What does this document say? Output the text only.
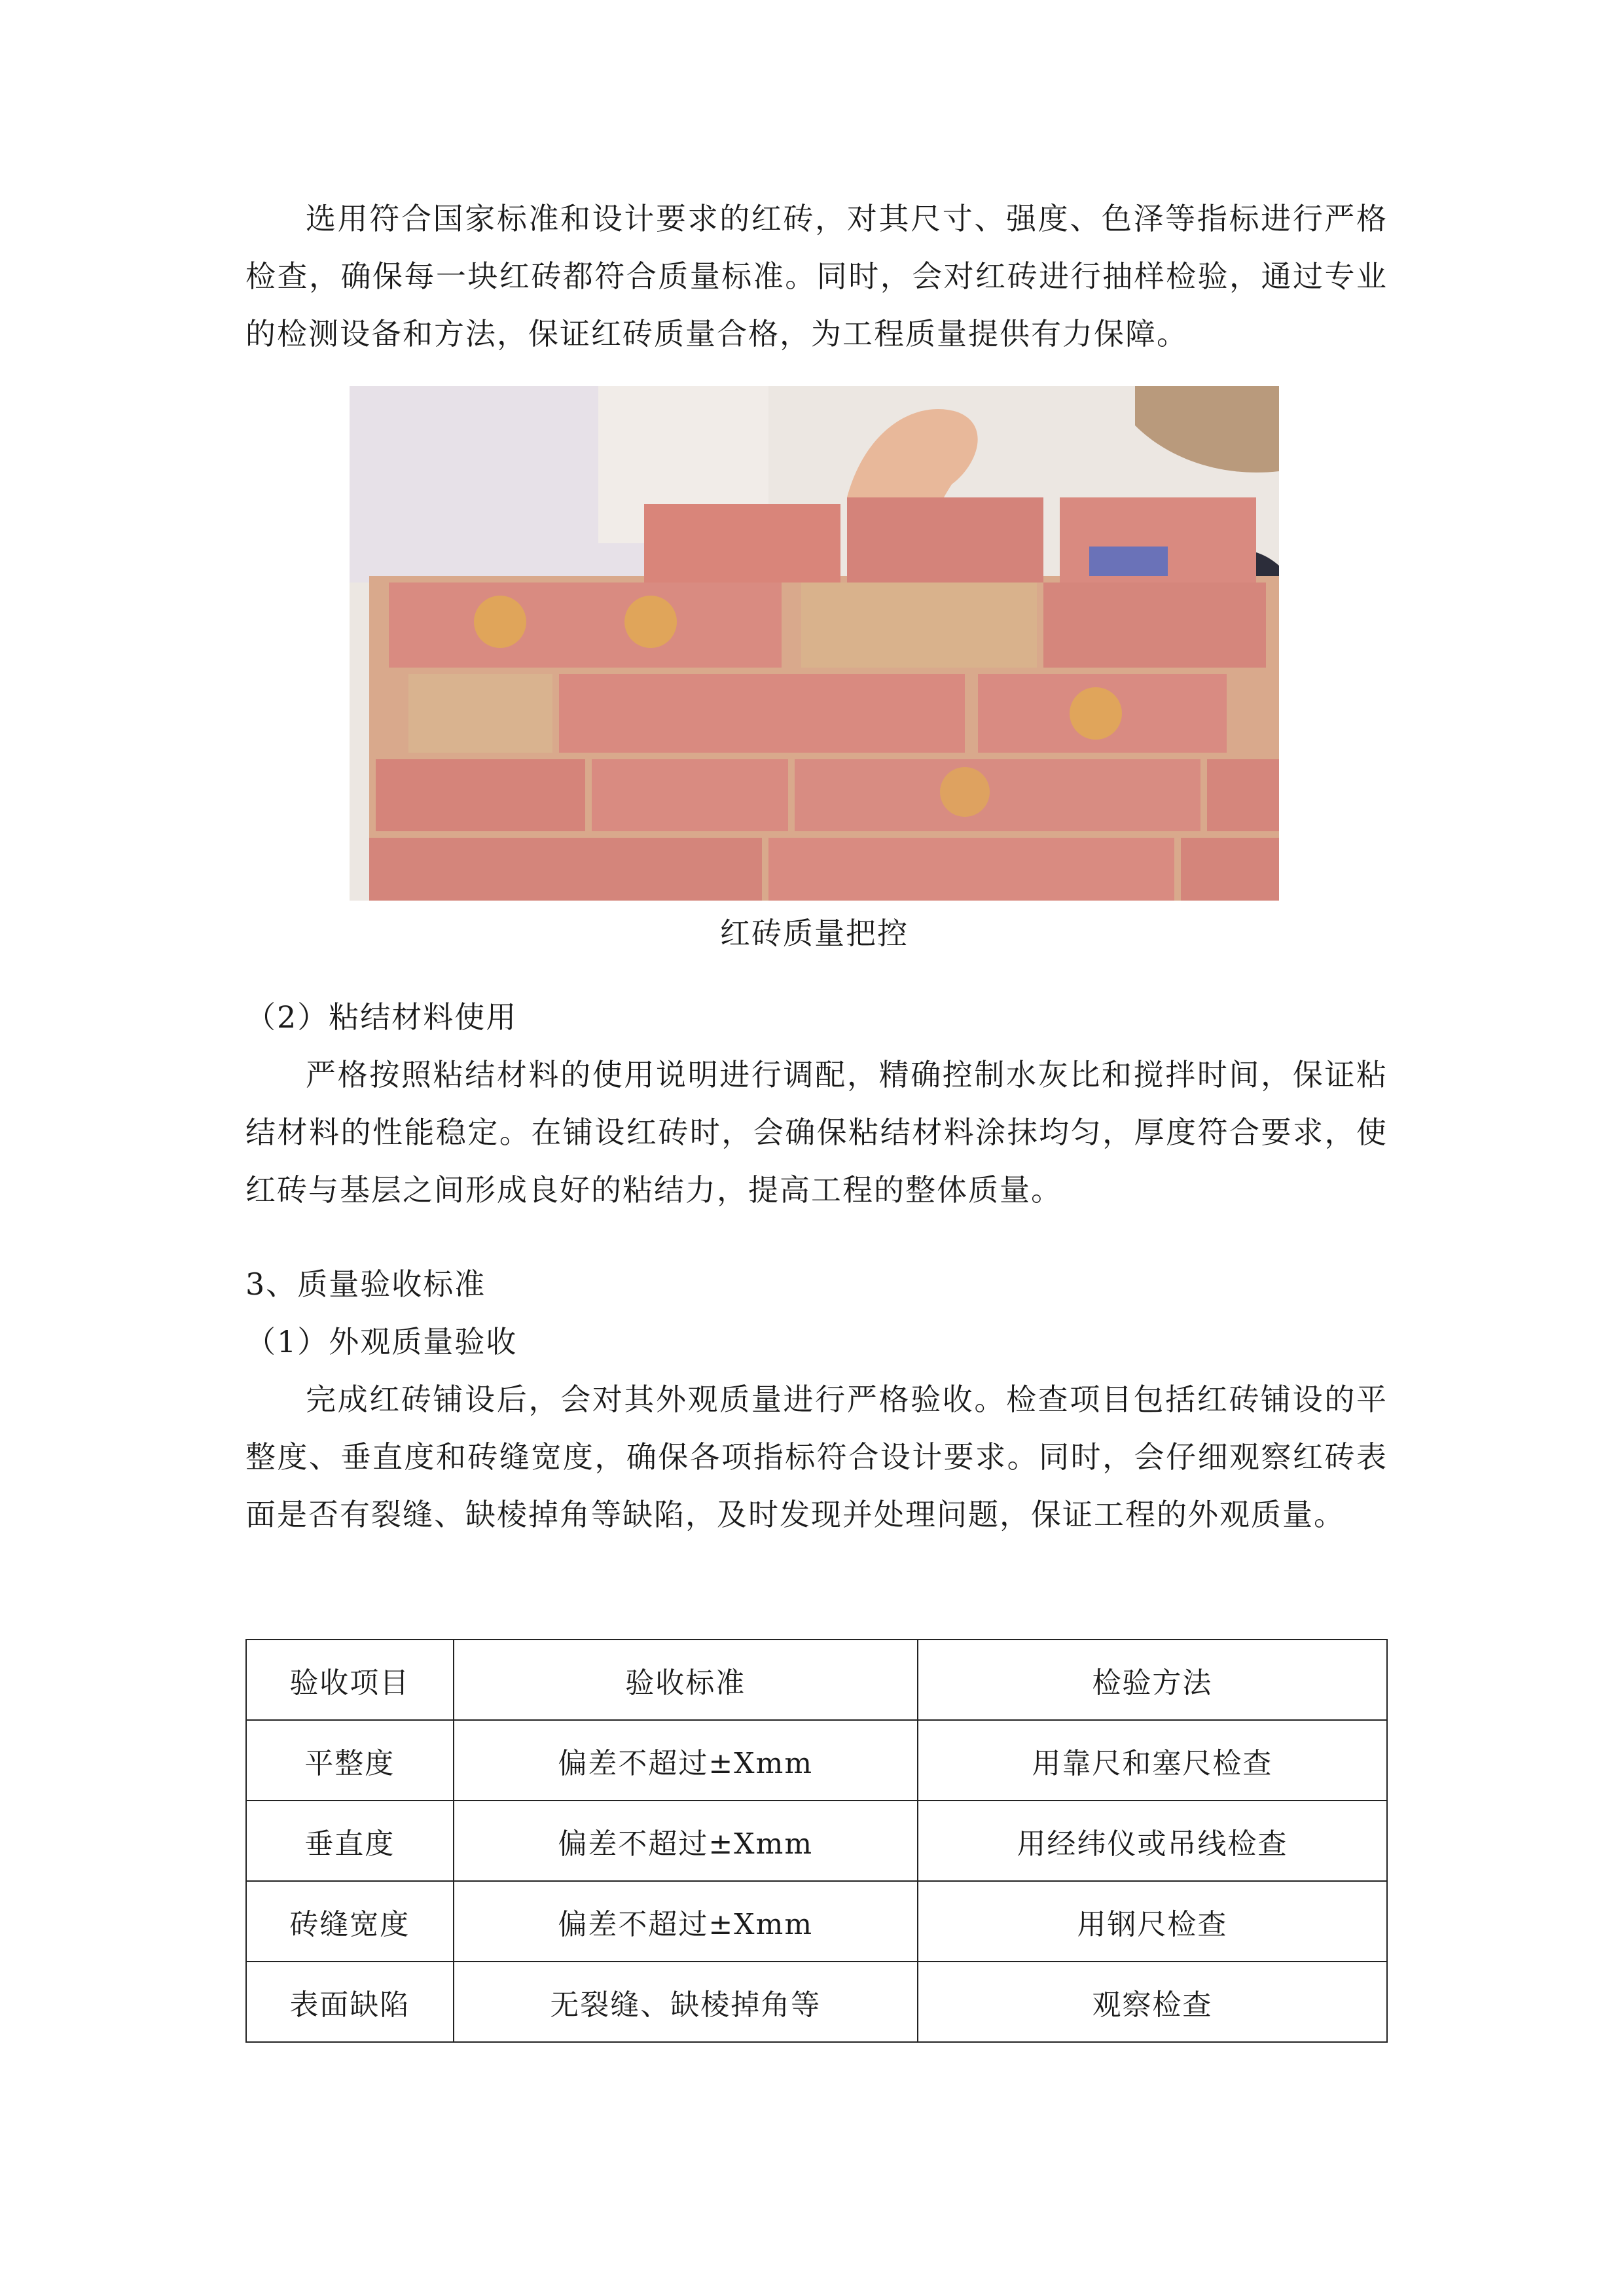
选用符合国家标准和设计要求的红砖，对其尺寸、强度、色泽等指标进行严格检查，确保每一块红砖都符合质量标准。同时，会对红砖进行抽样检验，通过专业的检测设备和方法，保证红砖质量合格，为工程质量提供有力保障。

红砖质量把控

（2）粘结材料使用

严格按照粘结材料的使用说明进行调配，精确控制水灰比和搅拌时间，保证粘结材料的性能稳定。在铺设红砖时，会确保粘结材料涂抹均匀，厚度符合要求，使红砖与基层之间形成良好的粘结力，提高工程的整体质量。

3、质量验收标准

（1）外观质量验收

完成红砖铺设后，会对其外观质量进行严格验收。检查项目包括红砖铺设的平整度、垂直度和砖缝宽度，确保各项指标符合设计要求。同时，会仔细观察红砖表面是否有裂缝、缺棱掉角等缺陷，及时发现并处理问题，保证工程的外观质量。

验收项目	验收标准	检验方法
平整度	偏差不超过±Xmm	用靠尺和塞尺检查
垂直度	偏差不超过±Xmm	用经纬仪或吊线检查
砖缝宽度	偏差不超过±Xmm	用钢尺检查
表面缺陷	无裂缝、缺棱掉角等	观察检查
